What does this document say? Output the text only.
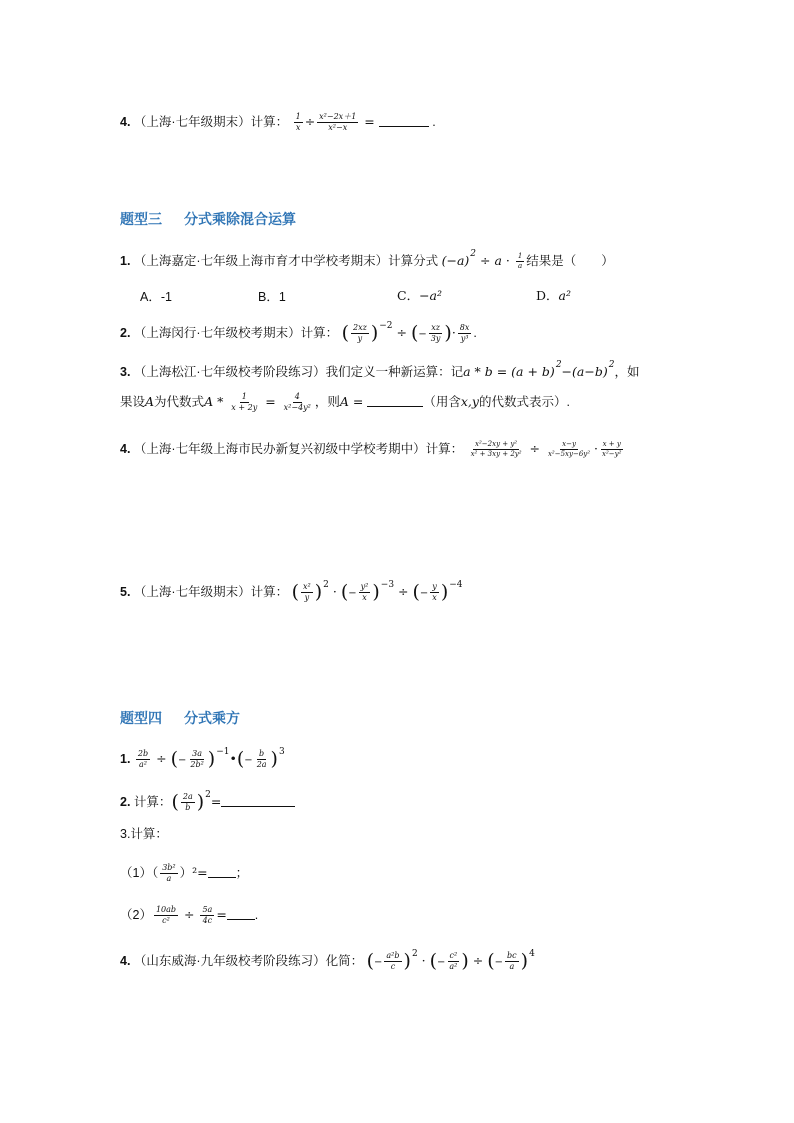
4. （上海·七年级期末）计算： $\frac{1}{x} \div \frac{\text{x²−2x＋1}}{\text{x²−x}}$ =	.
题型三 分式乘除混合运算
1. （上海嘉定·七年级上海市育才中学校考期末）计算分式 $(-a)^2 \div a \cdot \frac{1}{a}$ 结果是（　　）
A．-1	B．1	C．−a²	D．a²
2. （上海闵行·七年级校考期末）计算： ( $\frac{2xz}{y} )^{-2}$ ÷ (− $\frac{xz}{3y}$ )· $\frac{8x}{\text{y³}}$ .
3. （上海松江·七年级校考阶段练习）我们定义一种新运算：记$a * b = (a + b)^2-(a-b)^2$，如
果设A为代数式$A * \frac{1}{x + 2y} = \frac{4}{\text{x²−4y²}}$ ，则A =	（用含x,y的代数式表示）.
4. （上海·七年级上海市民办新复兴初级中学校考期中）计算： $\frac{\text{x²−2xy + y²}}{\text{x² + 3xy + 2y²}} \div \frac{x-y}{\text{x²−5xy−6y²}} \cdot \frac{x + y}{\text{x²−y²}}$
5. （上海·七年级期末）计算： ( $\frac{\text{x²}}{y} )^2$ · (− $\frac{\text{y²}}{x} )^{-3}$ ÷ (− $\frac{y}{x} )^{-4}$
题型四 分式乘方
1. $\frac{2b}{\text{a²}}$ ÷ (− $\frac{3a}{\text{2b²}}$ )$^{-1}$•(− $\frac{b}{2a} )^3$
2. 计算：( $\frac{2a}{b} )^2=$
3.计算：
$(1)( \frac{\text{3b²}}{a} )^2=$ ；
$(2) \frac{10ab}{\text{c²}} \div \frac{5a}{4c}$ = .
4. （山东威海·九年级校考阶段练习）化简： (− $\frac{\text{a²b}}{c} )^2$ · (− $\frac{\text{c²}}{\text{a²}}$ ) ÷ (− $\frac{bc}{a} )^4$
